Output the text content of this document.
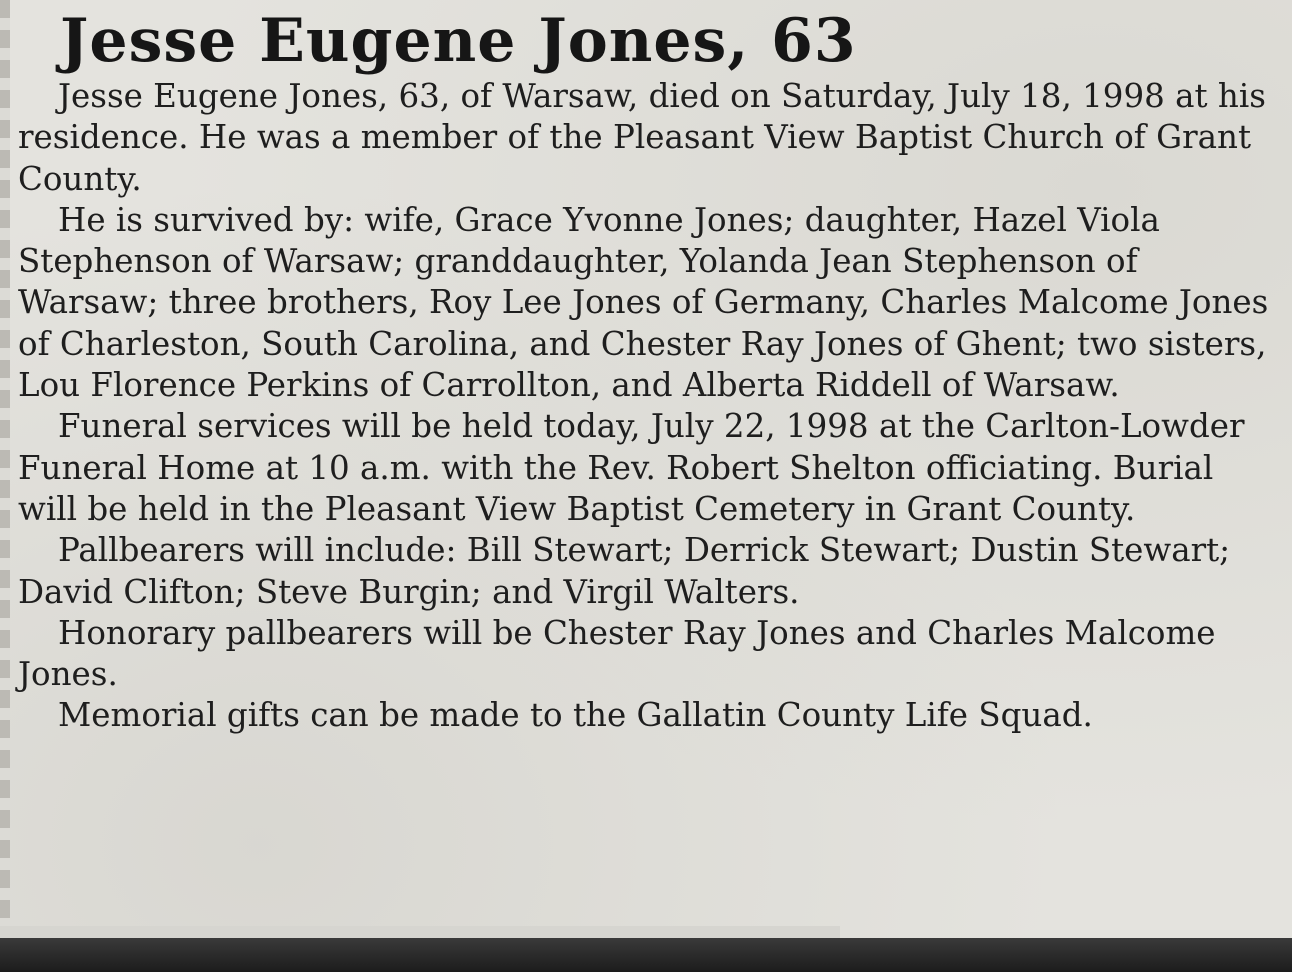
Jesse Eugene Jones, 63

Jesse Eugene Jones, 63, of Warsaw, died on Saturday, July 18, 1998 at his residence. He was a member of the Pleasant View Baptist Church of Grant County.

He is survived by: wife, Grace Yvonne Jones; daughter, Hazel Viola Stephenson of Warsaw; granddaughter, Yolanda Jean Stephenson of Warsaw; three brothers, Roy Lee Jones of Germany, Charles Malcome Jones of Charleston, South Carolina, and Chester Ray Jones of Ghent; two sisters, Lou Florence Perkins of Carrollton, and Alberta Riddell of Warsaw.

Funeral services will be held today, July 22, 1998 at the Carlton-Lowder Funeral Home at 10 a.m. with the Rev. Robert Shelton officiating. Burial will be held in the Pleasant View Baptist Cemetery in Grant County.

Pallbearers will include: Bill Stewart; Derrick Stewart; Dustin Stewart; David Clifton; Steve Burgin; and Virgil Walters.

Honorary pallbearers will be Chester Ray Jones and Charles Malcome Jones.

Memorial gifts can be made to the Gallatin County Life Squad.
